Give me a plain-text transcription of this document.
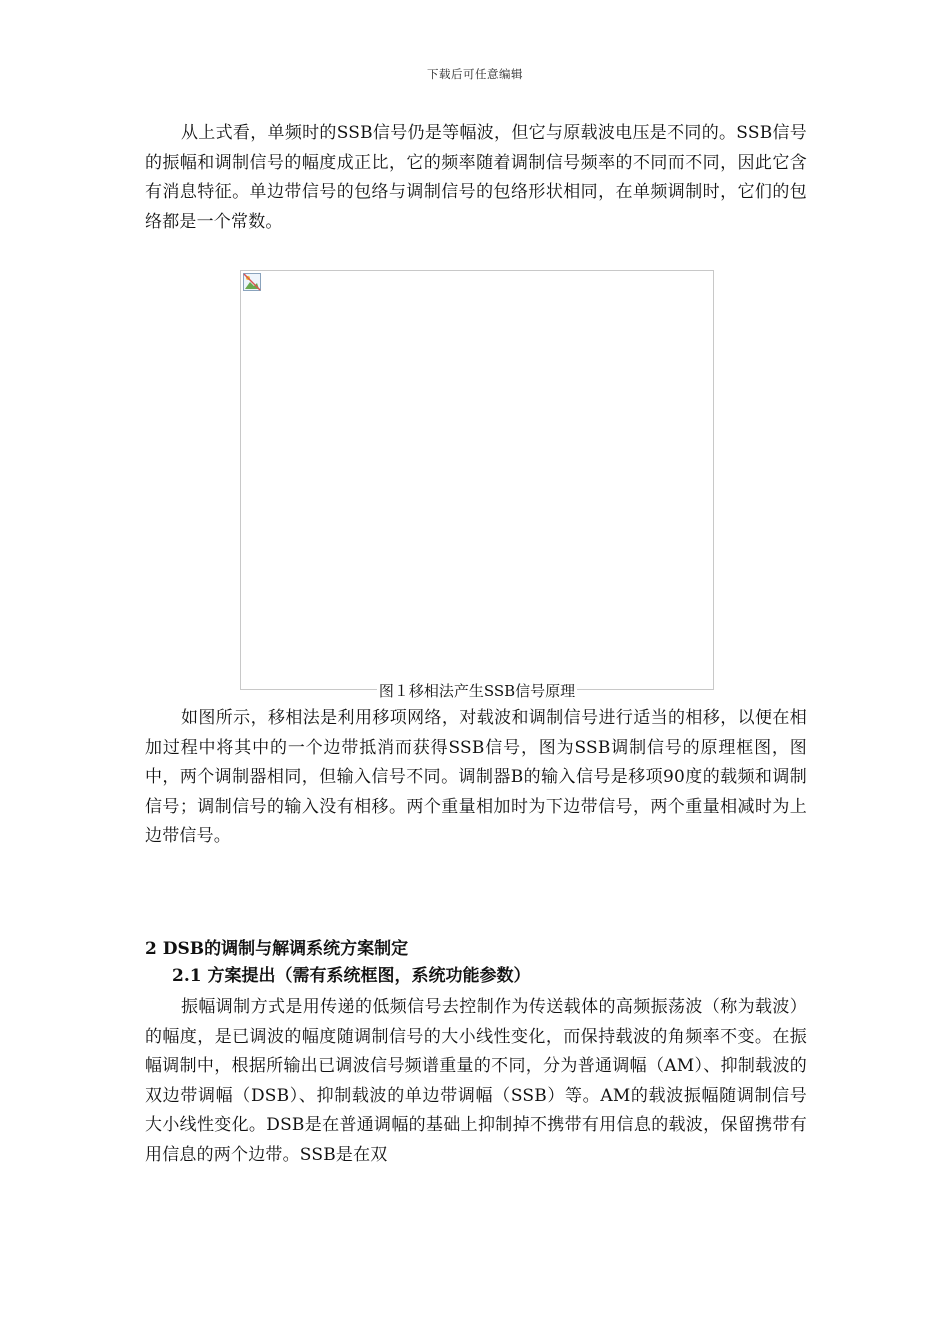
下载后可任意编辑

从上式看，单频时的SSB信号仍是等幅波，但它与原载波电压是不同的。SSB信号的振幅和调制信号的幅度成正比，它的频率随着调制信号频率的不同而不同，因此它含有消息特征。单边带信号的包络与调制信号的包络形状相同，在单频调制时，它们的包络都是一个常数。

图１移相法产生SSB信号原理

如图所示，移相法是利用移项网络，对载波和调制信号进行适当的相移，以便在相加过程中将其中的一个边带抵消而获得SSB信号，图为SSB调制信号的原理框图，图中，两个调制器相同，但输入信号不同。调制器B的输入信号是移项90度的载频和调制信号；调制信号的输入没有相移。两个重量相加时为下边带信号，两个重量相减时为上边带信号。

2 DSB的调制与解调系统方案制定
2.1 方案提出（需有系统框图，系统功能参数）

振幅调制方式是用传递的低频信号去控制作为传送载体的高频振荡波（称为载波）的幅度，是已调波的幅度随调制信号的大小线性变化，而保持载波的角频率不变。在振幅调制中，根据所输出已调波信号频谱重量的不同，分为普通调幅（AM）、抑制载波的双边带调幅（DSB）、抑制载波的单边带调幅（SSB）等。AM的载波振幅随调制信号大小线性变化。DSB是在普通调幅的基础上抑制掉不携带有用信息的载波，保留携带有用信息的两个边带。SSB是在双
